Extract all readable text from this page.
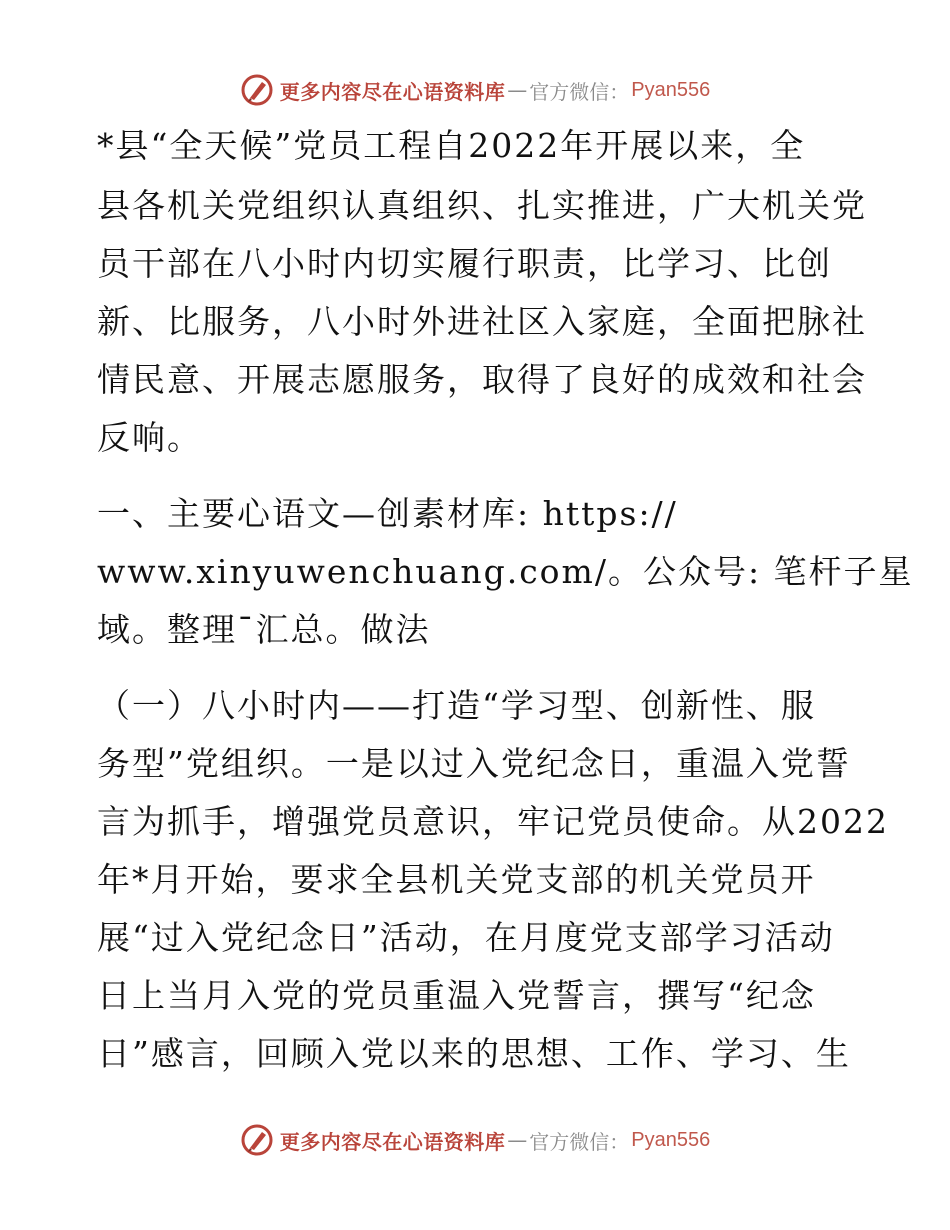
更多内容尽在心语资料库 — 官方微信： Pyan556
*县“全天候”党员工程自2022年开展以来，全
县各机关党组织认真组织、扎实推进，广大机关党
员干部在八小时内切实履行职责，比学习、比创
新、比服务，八小时外进社区入家庭，全面把脉社
情民意、开展志愿服务，取得了良好的成效和社会
反响。
一、主要心语文—创素材库: https://
www.xinyuwenchuang.com/。公众号: 笔杆子星
域。整理¯汇总。做法
（一）八小时内——打造“学习型、创新性、服
务型”党组织。一是以过入党纪念日，重温入党誓
言为抓手，增强党员意识，牢记党员使命。从2022
年*月开始，要求全县机关党支部的机关党员开
展“过入党纪念日”活动，在月度党支部学习活动
日上当月入党的党员重温入党誓言，撰写“纪念
日”感言，回顾入党以来的思想、工作、学习、生
更多内容尽在心语资料库 — 官方微信： Pyan556
